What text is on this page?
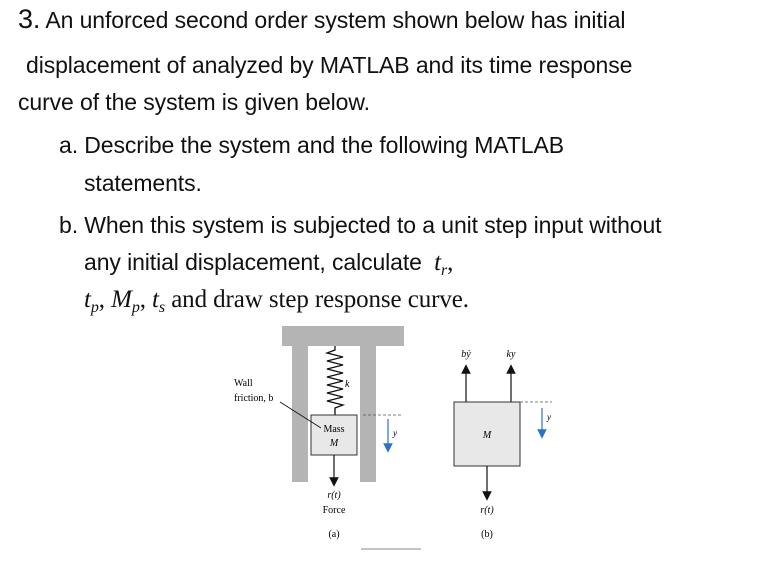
3. An unforced second order system shown below has initial
displacement of analyzed by MATLAB and its time response
curve of the system is given below.
a. Describe the system and the following MATLAB
statements.
b. When this system is subjected to a unit step input without
any initial displacement, calculate $t_r$,
$t_p$, $M_p$, $t_s$ and draw step response curve.
k
Mass
M
Wall
friction, b
y
r(t)
Force
(a)
bẏ	ky
M
y
r(t)
(b)
